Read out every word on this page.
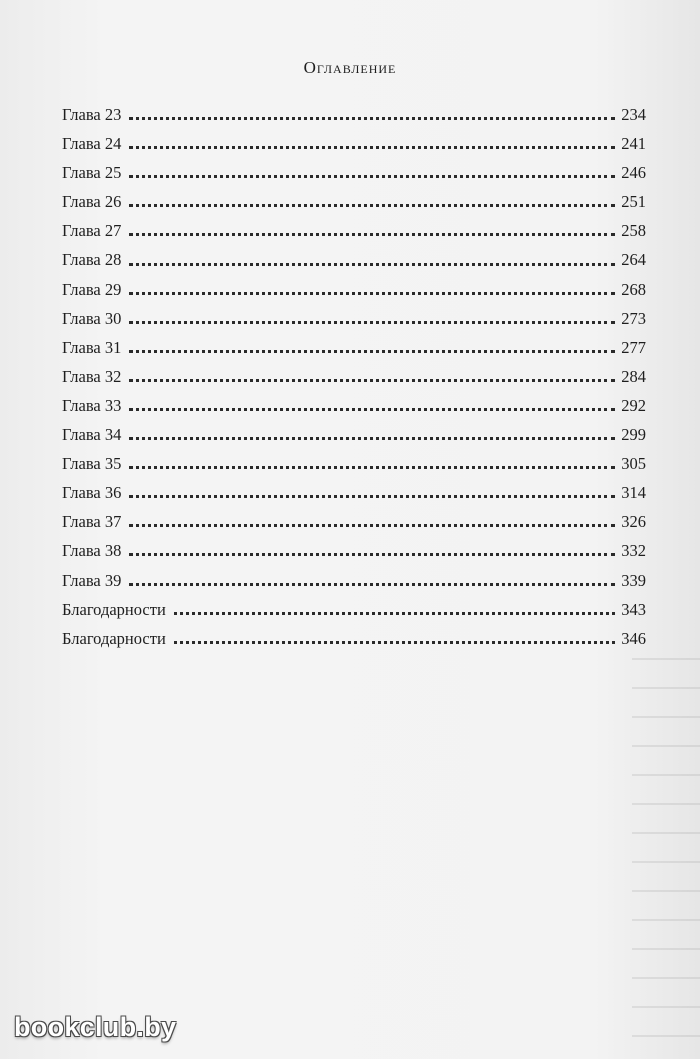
Оглавление
Глава 23	234
Глава 24	241
Глава 25	246
Глава 26	251
Глава 27	258
Глава 28	264
Глава 29	268
Глава 30	273
Глава 31	277
Глава 32	284
Глава 33	292
Глава 34	299
Глава 35	305
Глава 36	314
Глава 37	326
Глава 38	332
Глава 39	339
Благодарности	343
Благодарности	346
bookclub.by
